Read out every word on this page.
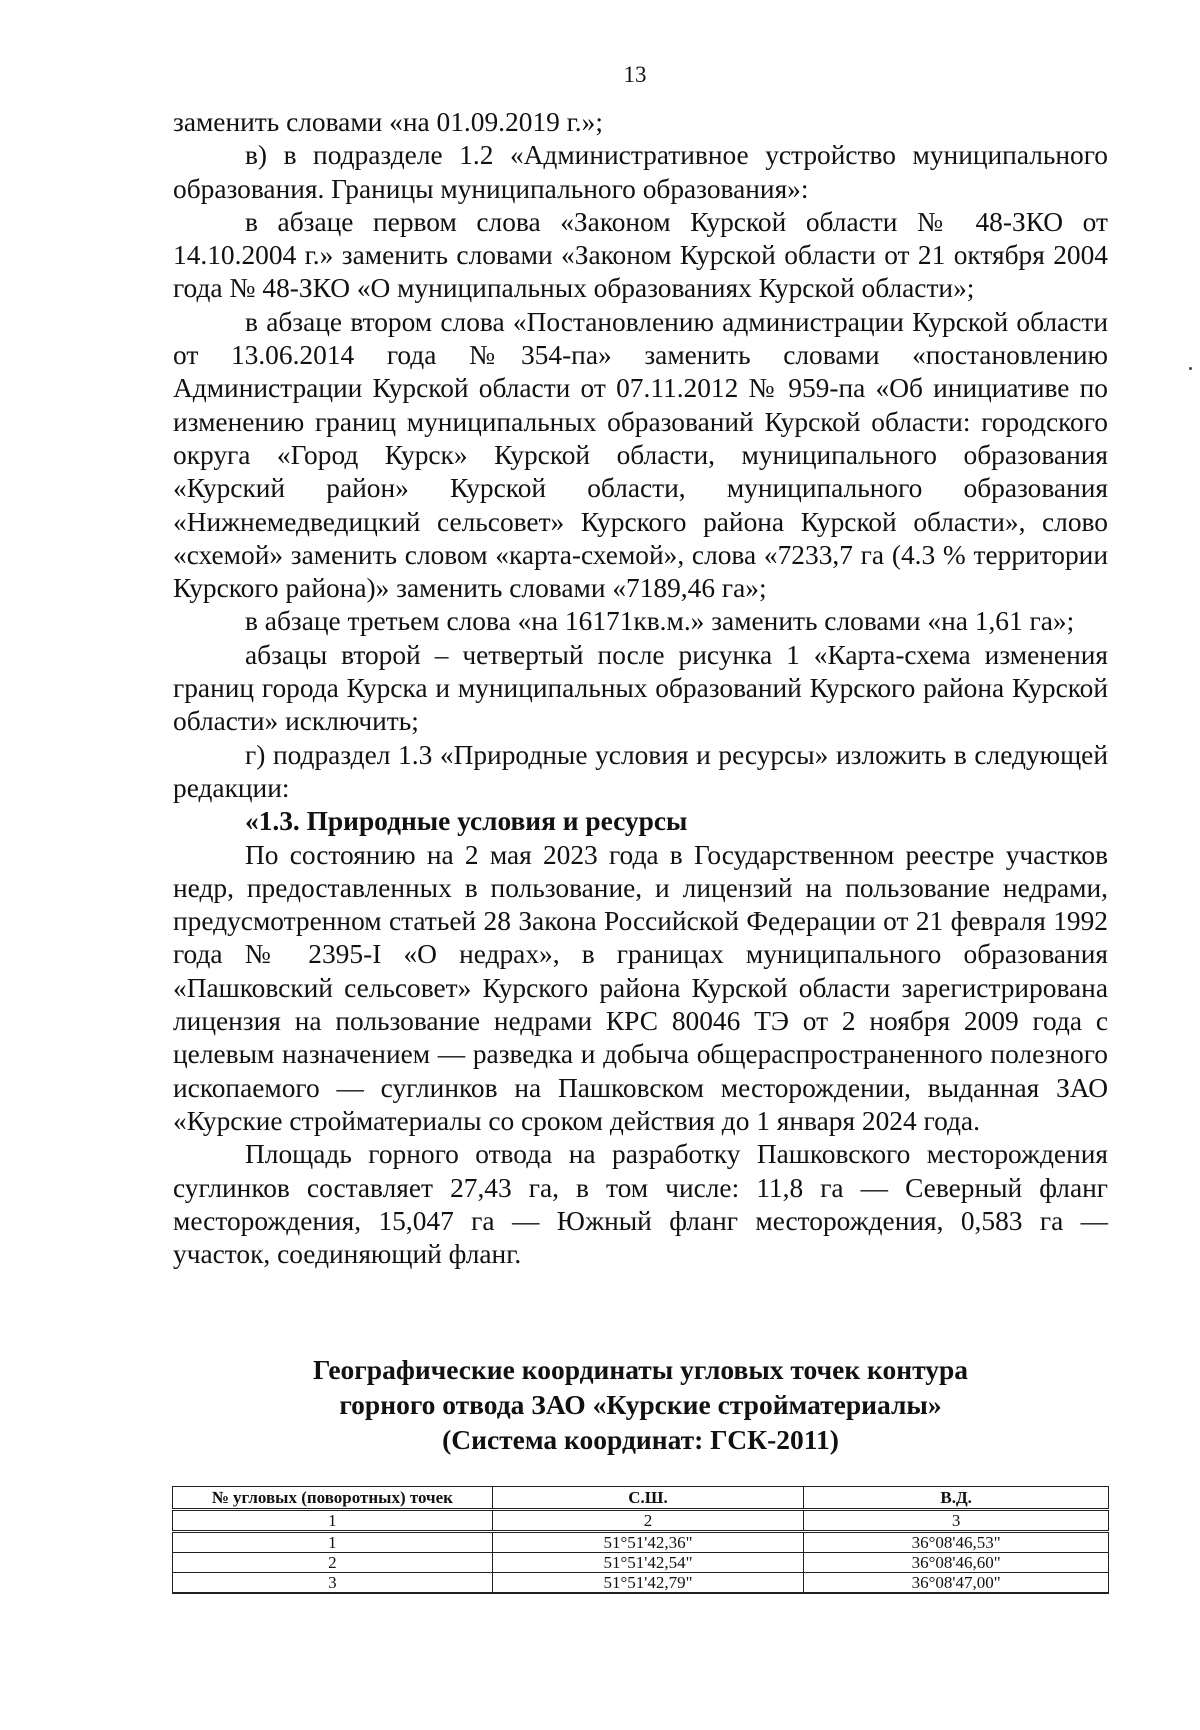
13

заменить словами «на 01.09.2019 г.»;

в) в подразделе 1.2 «Административное устройство муниципального образования. Границы муниципального образования»:

в абзаце первом слова «Законом Курской области № 48-ЗКО от 14.10.2004 г.» заменить словами «Законом Курской области от 21 октября 2004 года № 48-ЗКО «О муниципальных образованиях Курской области»;

в абзаце втором слова «Постановлению администрации Курской области от 13.06.2014 года №354-па» заменить словами «постановлению Администрации Курской области от 07.11.2012 № 959-па «Об инициативе по изменению границ муниципальных образований Курской области: городского округа «Город Курск» Курской области, муниципального образования «Курский район» Курской области, муниципального образования «Нижнемедведицкий сельсовет» Курского района Курской области», слово «схемой» заменить словом «карта-схемой», слова «7233,7 га (4.3 % территории Курского района)» заменить словами «7189,46 га»;

в абзаце третьем слова «на 16171кв.м.» заменить словами «на 1,61 га»;

абзацы второй – четвертый после рисунка 1 «Карта-схема изменения границ города Курска и муниципальных образований Курского района Курской области» исключить;

г) подраздел 1.3 «Природные условия и ресурсы» изложить в следующей редакции:

«1.3. Природные условия и ресурсы

По состоянию на 2 мая 2023 года в Государственном реестре участков недр, предоставленных в пользование, и лицензий на пользование недрами, предусмотренном статьей 28 Закона Российской Федерации от 21 февраля 1992 года № 2395-I «О недрах», в границах муниципального образования «Пашковский сельсовет» Курского района Курской области зарегистрирована лицензия на пользование недрами КРС 80046 ТЭ от 2 ноября 2009 года с целевым назначением — разведка и добыча общераспространенного полезного ископаемого — суглинков на Пашковском месторождении, выданная ЗАО «Курские стройматериалы со сроком действия до 1 января 2024 года.

Площадь горного отвода на разработку Пашковского месторождения суглинков составляет 27,43 га, в том числе: 11,8 га — Северный фланг месторождения, 15,047 га — Южный фланг месторождения, 0,583 га — участок, соединяющий фланг.

Географические координаты угловых точек контура
горного отвода ЗАО «Курские стройматериалы»
(Система координат: ГСК-2011)
№ угловых (поворотных) точек	С.Ш.	В.Д.
1	2	3
1	51°51'42,36"	36°08'46,53"
2	51°51'42,54"	36°08'46,60"
3	51°51'42,79"	36°08'47,00"
